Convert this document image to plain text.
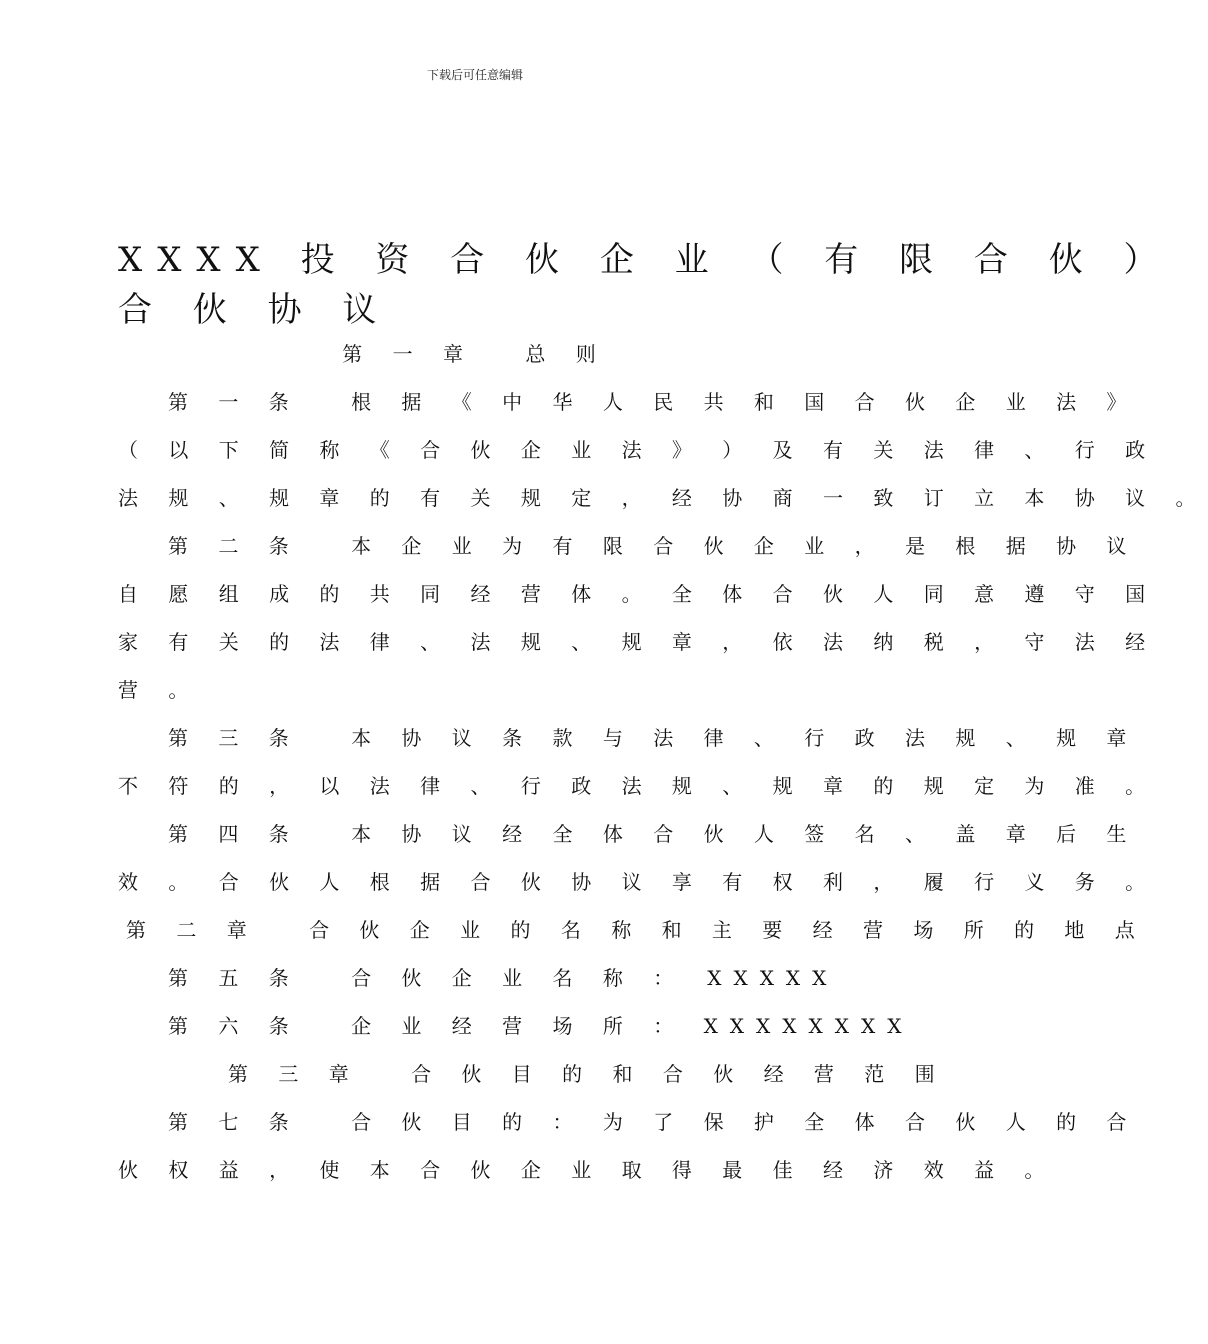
下载后可任意编辑
XXXX 投 资 合 伙 企 业 （ 有 限 合 伙 ）
合 伙 协 议
第 一 章　 总 则
第 一 条　 根 据 《 中 华 人 民 共 和 国 合 伙 企 业 法 》
（ 以 下 简 称 《 合 伙 企 业 法 》 ） 及 有 关 法 律 、 行 政
法 规 、 规 章 的 有 关 规 定 ， 经 协 商 一 致 订 立 本 协 议 。
第 二 条　 本 企 业 为 有 限 合 伙 企 业 ， 是 根 据 协 议
自 愿 组 成 的 共 同 经 营 体 。 全 体 合 伙 人 同 意 遵 守 国
家 有 关 的 法 律 、 法 规 、 规 章 ， 依 法 纳 税 ， 守 法 经
营 。
第 三 条　 本 协 议 条 款 与 法 律 、 行 政 法 规 、 规 章
不 符 的 ， 以 法 律 、 行 政 法 规 、 规 章 的 规 定 为 准 。
第 四 条　 本 协 议 经 全 体 合 伙 人 签 名 、 盖 章 后 生
效 。 合 伙 人 根 据 合 伙 协 议 享 有 权 利 ， 履 行 义 务 。
第 二 章　 合 伙 企 业 的 名 称 和 主 要 经 营 场 所 的 地 点
第 五 条　 合 伙 企 业 名 称 ：　XXXXX
第 六 条　 企 业 经 营 场 所 ： XXXXXXXX
第 三 章　 合 伙 目 的 和 合 伙 经 营 范 围
第 七 条　 合 伙 目 的 ： 为 了 保 护 全 体 合 伙 人 的 合
伙 权 益 ， 使 本 合 伙 企 业 取 得 最 佳 经 济 效 益 。
